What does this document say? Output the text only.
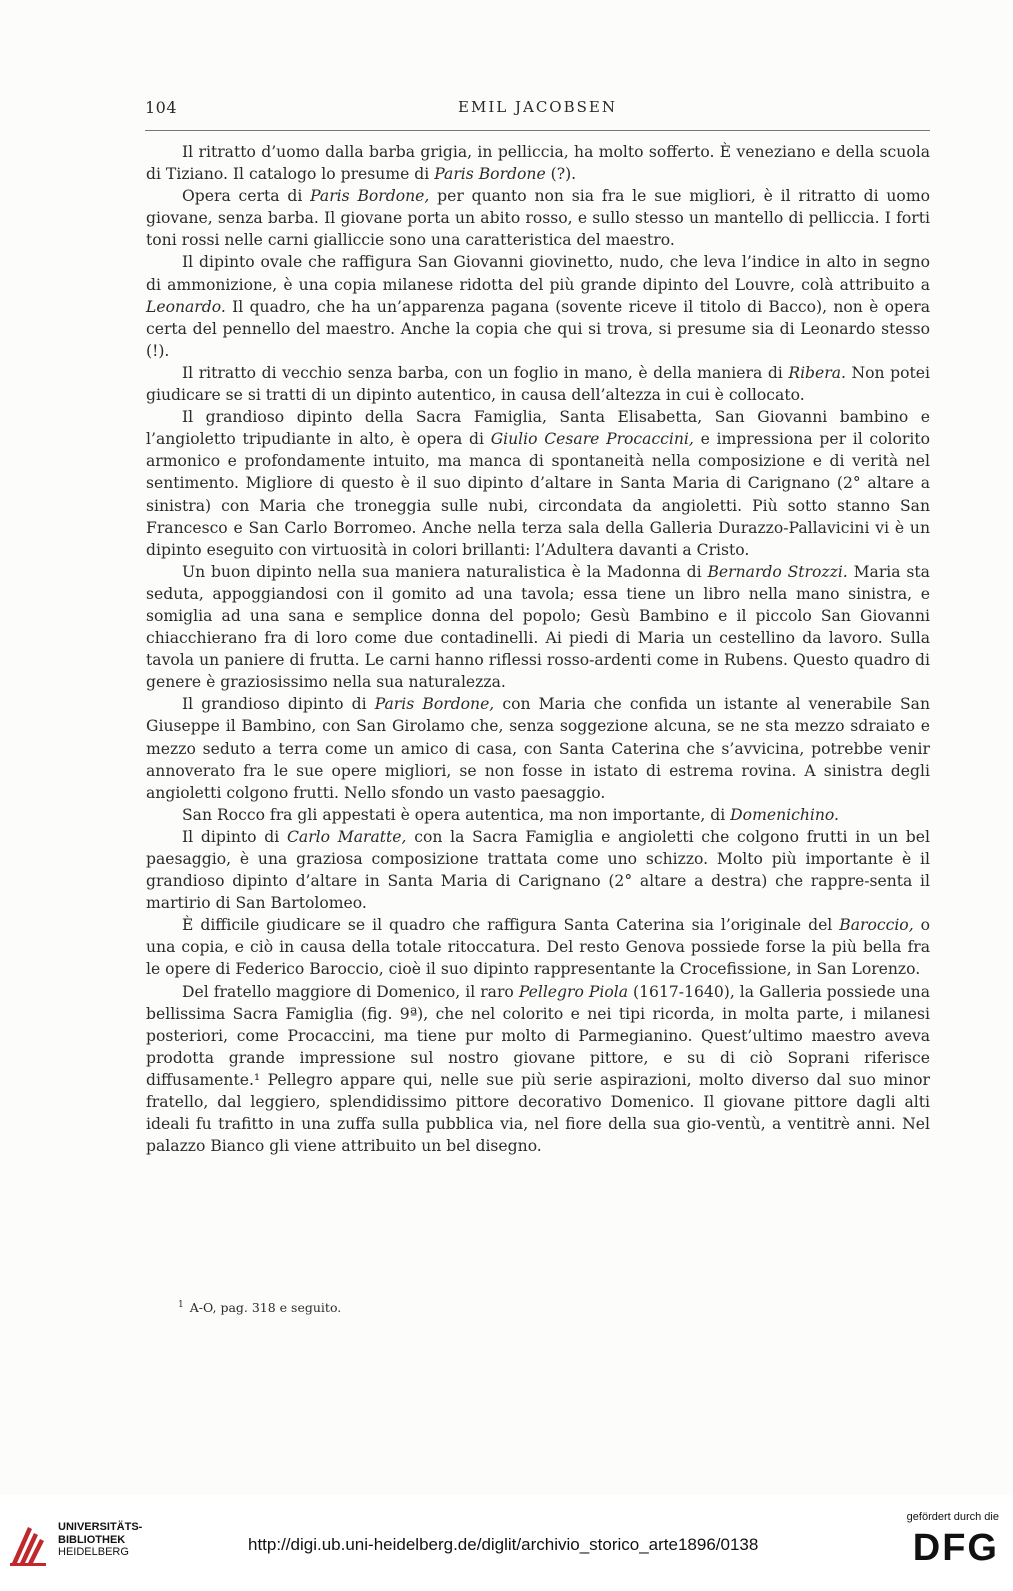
104	EMIL JACOBSEN

Il ritratto d’uomo dalla barba grigia, in pelliccia, ha molto sofferto. È veneziano e della scuola di Tiziano. Il catalogo lo presume di Paris Bordone (?).

Opera certa di Paris Bordone, per quanto non sia fra le sue migliori, è il ritratto di uomo giovane, senza barba. Il giovane porta un abito rosso, e sullo stesso un mantello di pelliccia. I forti toni rossi nelle carni gialliccie sono una caratteristica del maestro.

Il dipinto ovale che raffigura San Giovanni giovinetto, nudo, che leva l’indice in alto in segno di ammonizione, è una copia milanese ridotta del più grande dipinto del Louvre, colà attribuito a Leonardo. Il quadro, che ha un’apparenza pagana (sovente riceve il titolo di Bacco), non è opera certa del pennello del maestro. Anche la copia che qui si trova, si presume sia di Leonardo stesso (!).

Il ritratto di vecchio senza barba, con un foglio in mano, è della maniera di Ribera. Non potei giudicare se si tratti di un dipinto autentico, in causa dell’altezza in cui è collocato.

Il grandioso dipinto della Sacra Famiglia, Santa Elisabetta, San Giovanni bambino e l’angioletto tripudiante in alto, è opera di Giulio Cesare Procaccini, e impressiona per il colorito armonico e profondamente intuito, ma manca di spontaneità nella composizione e di verità nel sentimento. Migliore di questo è il suo dipinto d’altare in Santa Maria di Carignano (2° altare a sinistra) con Maria che troneggia sulle nubi, circondata da angioletti. Più sotto stanno San Francesco e San Carlo Borromeo. Anche nella terza sala della Galleria Durazzo-Pallavicini vi è un dipinto eseguito con virtuosità in colori brillanti: l’Adultera davanti a Cristo.

Un buon dipinto nella sua maniera naturalistica è la Madonna di Bernardo Strozzi. Maria sta seduta, appoggiandosi con il gomito ad una tavola; essa tiene un libro nella mano sinistra, e somiglia ad una sana e semplice donna del popolo; Gesù Bambino e il piccolo San Giovanni chiacchierano fra di loro come due contadinelli. Ai piedi di Maria un cestellino da lavoro. Sulla tavola un paniere di frutta. Le carni hanno riflessi rosso-ardenti come in Rubens. Questo quadro di genere è graziosissimo nella sua naturalezza.

Il grandioso dipinto di Paris Bordone, con Maria che confida un istante al venerabile San Giuseppe il Bambino, con San Girolamo che, senza soggezione alcuna, se ne sta mezzo sdraiato e mezzo seduto a terra come un amico di casa, con Santa Caterina che s’avvicina, potrebbe venir annoverato fra le sue opere migliori, se non fosse in istato di estrema rovina. A sinistra degli angioletti colgono frutti. Nello sfondo un vasto paesaggio.

San Rocco fra gli appestati è opera autentica, ma non importante, di Domenichino.

Il dipinto di Carlo Maratte, con la Sacra Famiglia e angioletti che colgono frutti in un bel paesaggio, è una graziosa composizione trattata come uno schizzo. Molto più importante è il grandioso dipinto d’altare in Santa Maria di Carignano (2° altare a destra) che rappre-senta il martirio di San Bartolomeo.

È difficile giudicare se il quadro che raffigura Santa Caterina sia l’originale del Baroccio, o una copia, e ciò in causa della totale ritoccatura. Del resto Genova possiede forse la più bella fra le opere di Federico Baroccio, cioè il suo dipinto rappresentante la Crocefissione, in San Lorenzo.

Del fratello maggiore di Domenico, il raro Pellegro Piola (1617-1640), la Galleria possiede una bellissima Sacra Famiglia (fig. 9ª), che nel colorito e nei tipi ricorda, in molta parte, i milanesi posteriori, come Procaccini, ma tiene pur molto di Parmegianino. Quest’ultimo maestro aveva prodotta grande impressione sul nostro giovane pittore, e su di ciò Soprani riferisce diffusamente.¹ Pellegro appare qui, nelle sue più serie aspirazioni, molto diverso dal suo minor fratello, dal leggiero, splendidissimo pittore decorativo Domenico. Il giovane pittore dagli alti ideali fu trafitto in una zuffa sulla pubblica via, nel fiore della sua gio-ventù, a ventitrè anni. Nel palazzo Bianco gli viene attribuito un bel disegno.

$^1$ A-O, pag. 318 e seguito.
UNIVERSITÄTS-
BIBLIOTHEK
HEIDELBERG	http://digi.ub.uni-heidelberg.de/diglit/archivio_storico_arte1896/0138
gefördert durch die
DFG
